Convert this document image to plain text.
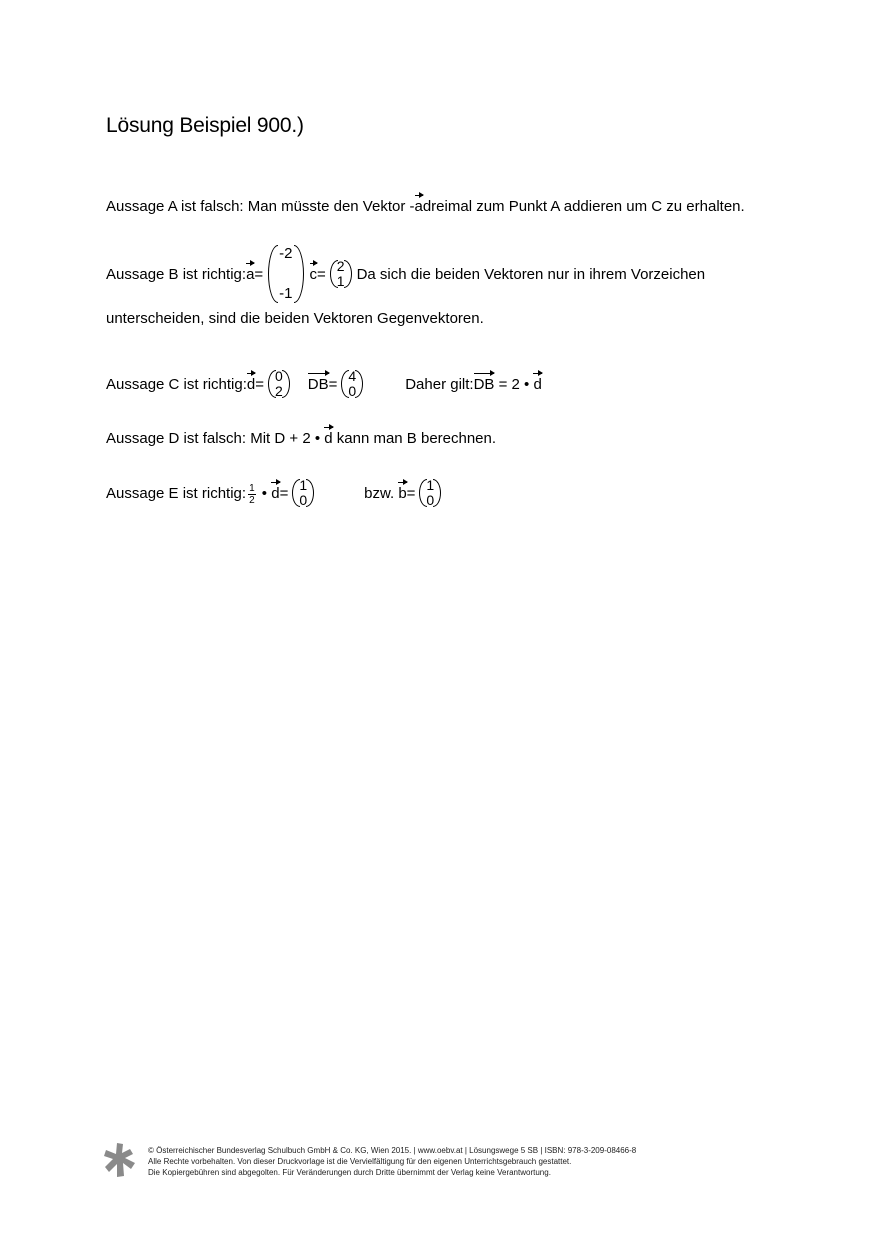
Lösung Beispiel 900.)
Aussage A ist falsch: Man müsste den Vektor - a dreimal zum Punkt A addieren um C zu erhalten.
Aussage B ist richtig: a =
-2
-1
c = 2
1 Da sich die beiden Vektoren nur in ihrem Vorzeichen
unterscheiden, sind die beiden Vektoren Gegenvektoren.
Aussage C ist richtig: d = 0
2 DB = 4
0	Daher gilt: DB = 2 • d
Aussage D ist falsch: Mit D + 2 • d kann man B berechnen.
Aussage E ist richtig: $\frac{1}{2}$ • d = 1
0	bzw. b = 1
0
© Österreichischer Bundesverlag Schulbuch GmbH & Co. KG, Wien 2015. | www.oebv.at | Lösungswege 5 SB | ISBN: 978-3-209-08466-8
Alle Rechte vorbehalten. Von dieser Druckvorlage ist die Vervielfältigung für den eigenen Unterrichtsgebrauch gestattet.
Die Kopiergebühren sind abgegolten. Für Veränderungen durch Dritte übernimmt der Verlag keine Verantwortung.
